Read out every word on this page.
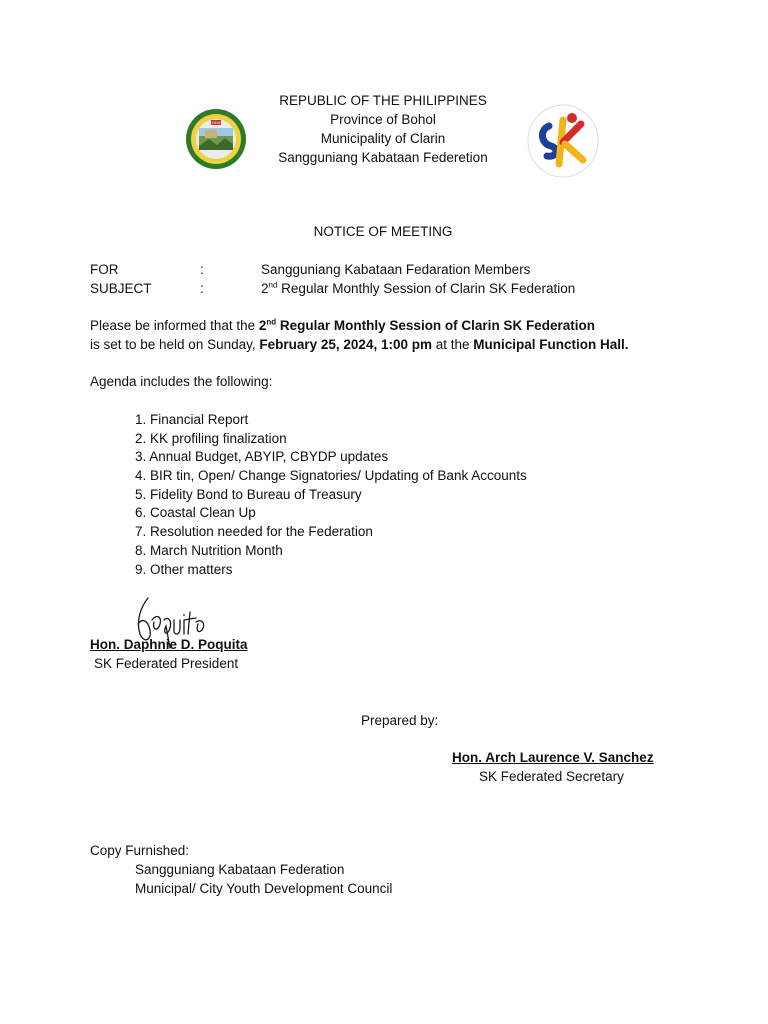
1919
REPUBLIC OF THE PHILIPPINES
Province of Bohol
Municipality of Clarin
Sangguniang Kabataan Federetion
NOTICE OF MEETING
FOR	:	Sangguniang Kabataan Fedaration Members
SUBJECT	:	2nd Regular Monthly Session of Clarin SK Federation
Please be informed that the 2nd Regular Monthly Session of Clarin SK Federation
is set to be held on Sunday, February 25, 2024, 1:00 pm at the Municipal Function Hall.
Agenda includes the following:
1. Financial Report
2. KK profiling finalization
3. Annual Budget, ABYIP, CBYDP updates
4. BIR tin, Open/ Change Signatories/ Updating of Bank Accounts
5. Fidelity Bond to Bureau of Treasury
6. Coastal Clean Up
7. Resolution needed for the Federation
8. March Nutrition Month
9. Other matters
Hon. Daphnie D. Poquita
SK Federated President
Prepared by:
Hon. Arch Laurence V. Sanchez
SK Federated Secretary
Copy Furnished:
Sangguniang Kabataan Federation
Municipal/ City Youth Development Council
